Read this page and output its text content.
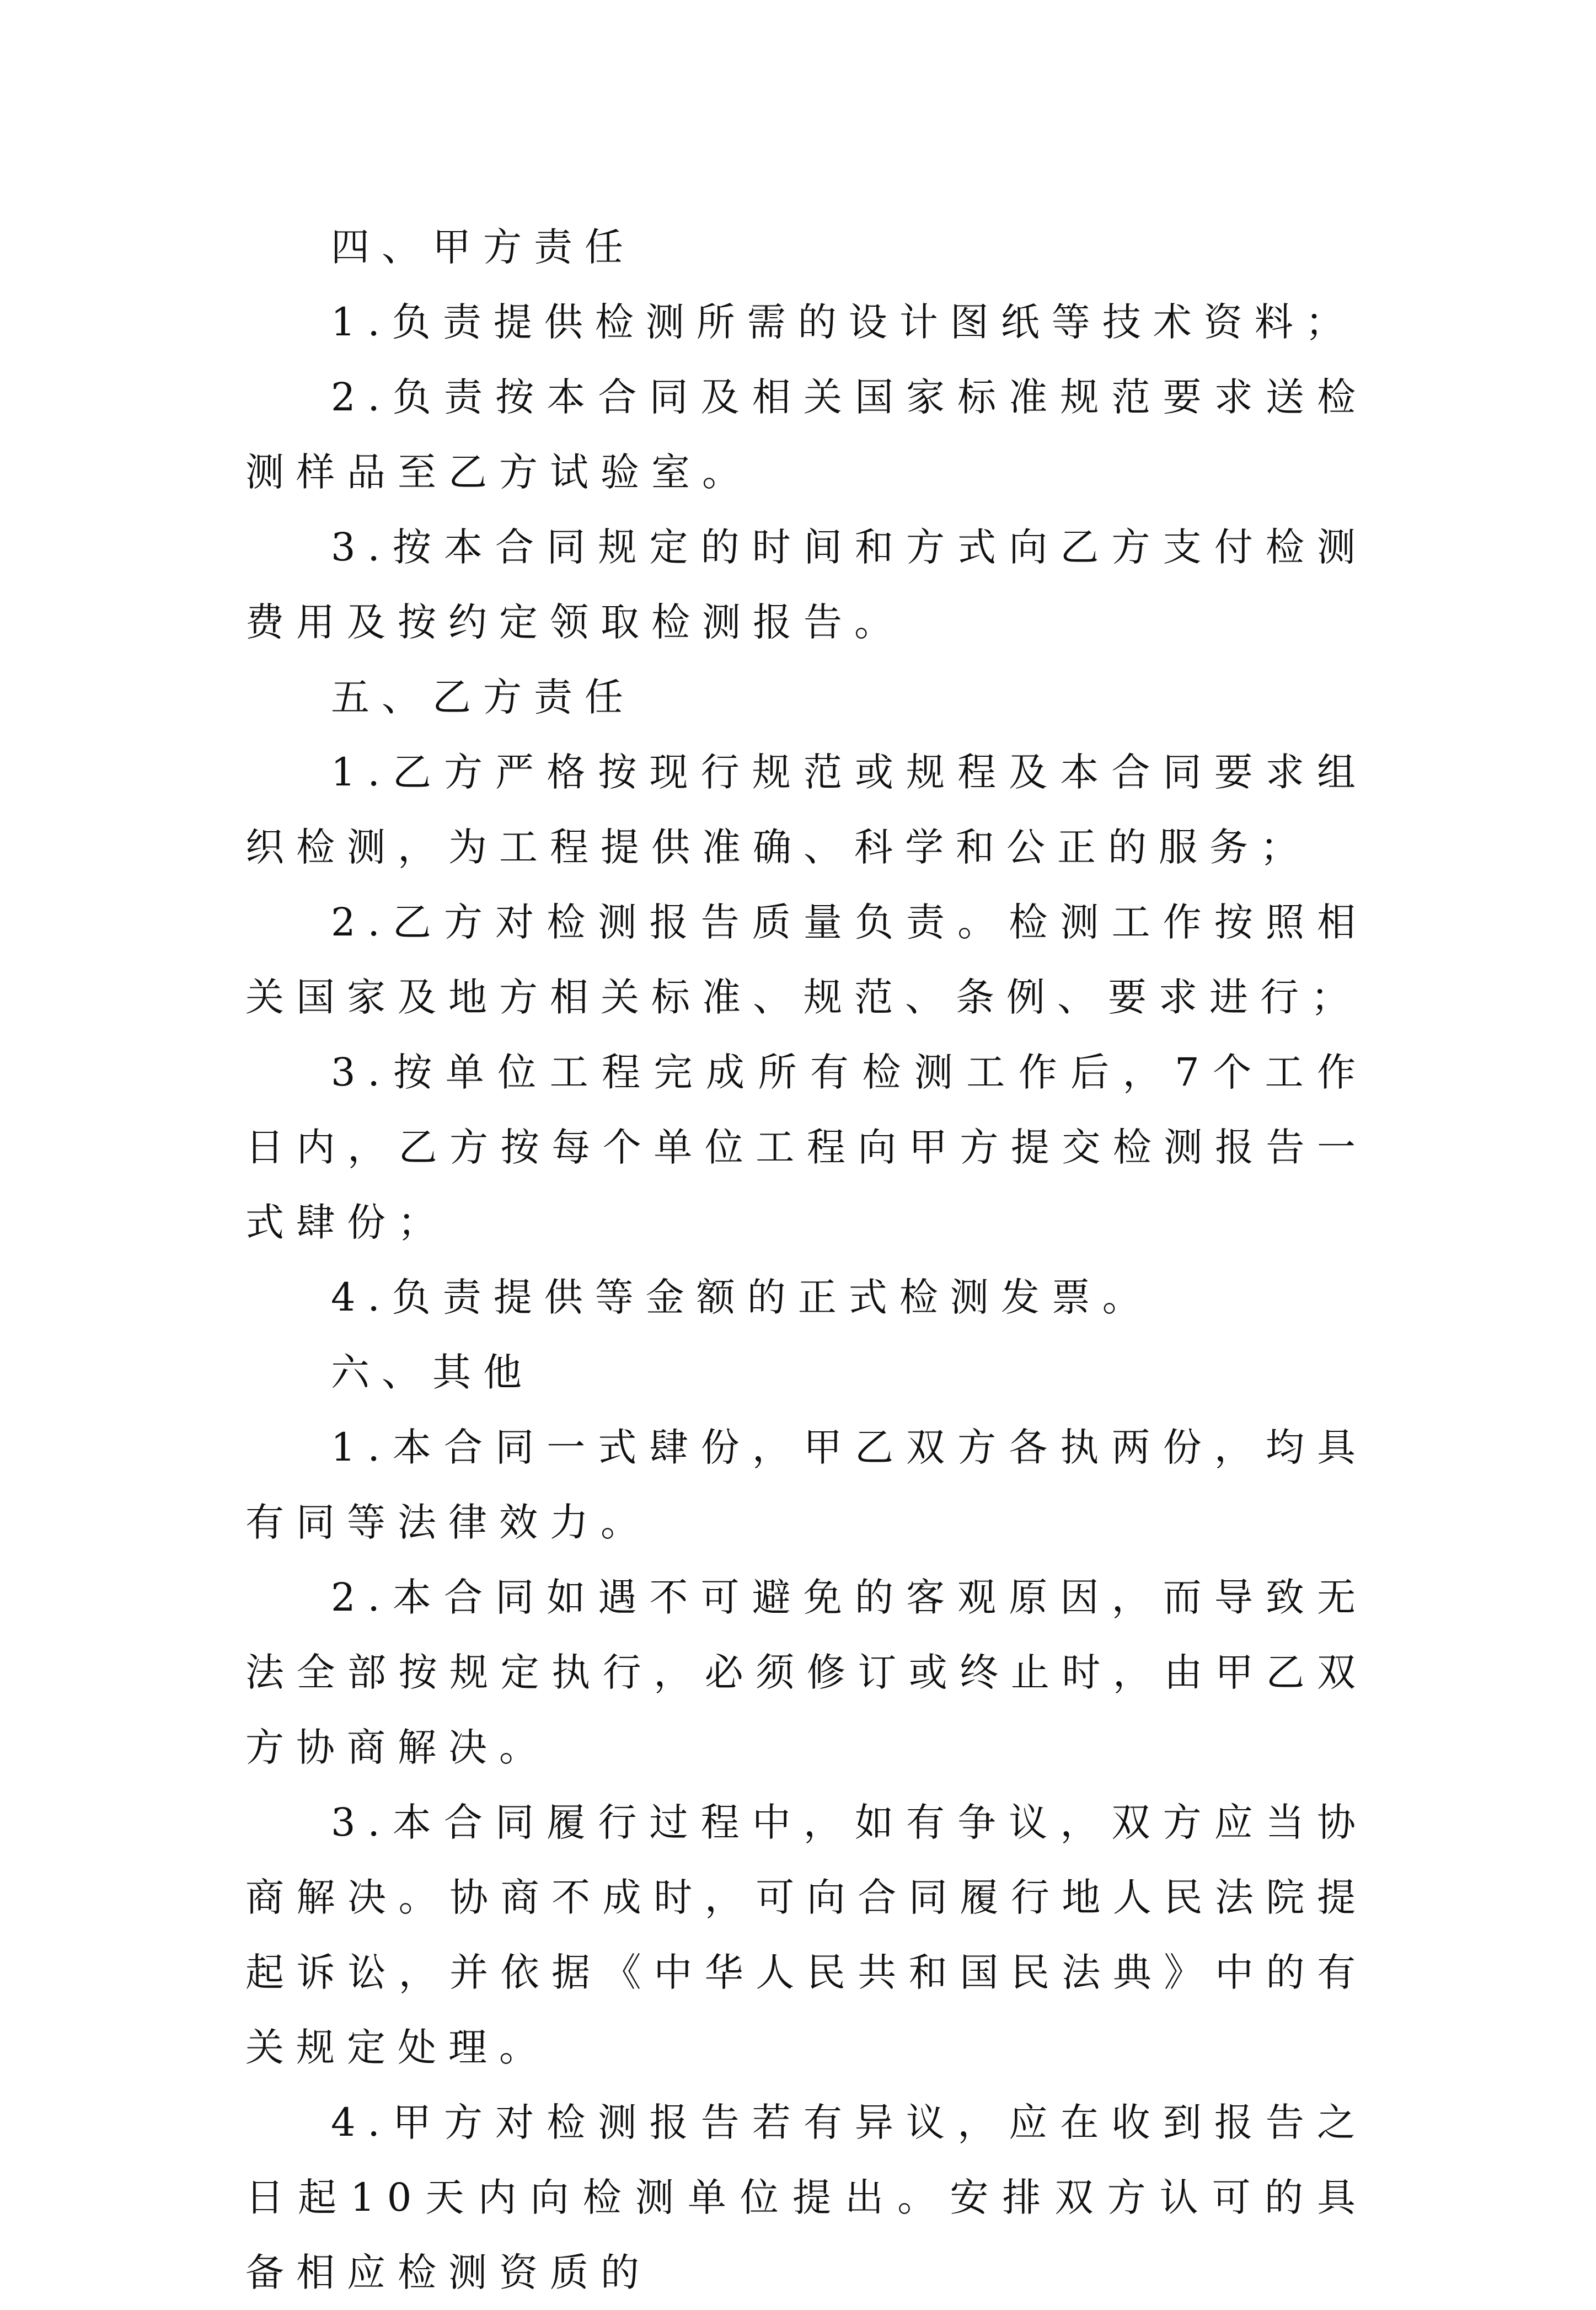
四、甲方责任

1.负责提供检测所需的设计图纸等技术资料；

2.负责按本合同及相关国家标准规范要求送检测样品至乙方试验室。

3.按本合同规定的时间和方式向乙方支付检测费用及按约定领取检测报告。

五、乙方责任

1.乙方严格按现行规范或规程及本合同要求组织检测，为工程提供准确、科学和公正的服务；

2.乙方对检测报告质量负责。检测工作按照相关国家及地方相关标准、规范、条例、要求进行；

3.按单位工程完成所有检测工作后，7个工作日内，乙方按每个单位工程向甲方提交检测报告一式肆份；

4.负责提供等金额的正式检测发票。

六、其他

1.本合同一式肆份，甲乙双方各执两份，均具有同等法律效力。

2.本合同如遇不可避免的客观原因，而导致无法全部按规定执行，必须修订或终止时，由甲乙双方协商解决。

3.本合同履行过程中，如有争议，双方应当协商解决。协商不成时，可向合同履行地人民法院提起诉讼，并依据《中华人民共和国民法典》中的有关规定处理。

4.甲方对检测报告若有异议，应在收到报告之日起10天内向检测单位提出。安排双方认可的具备相应检测资质的
